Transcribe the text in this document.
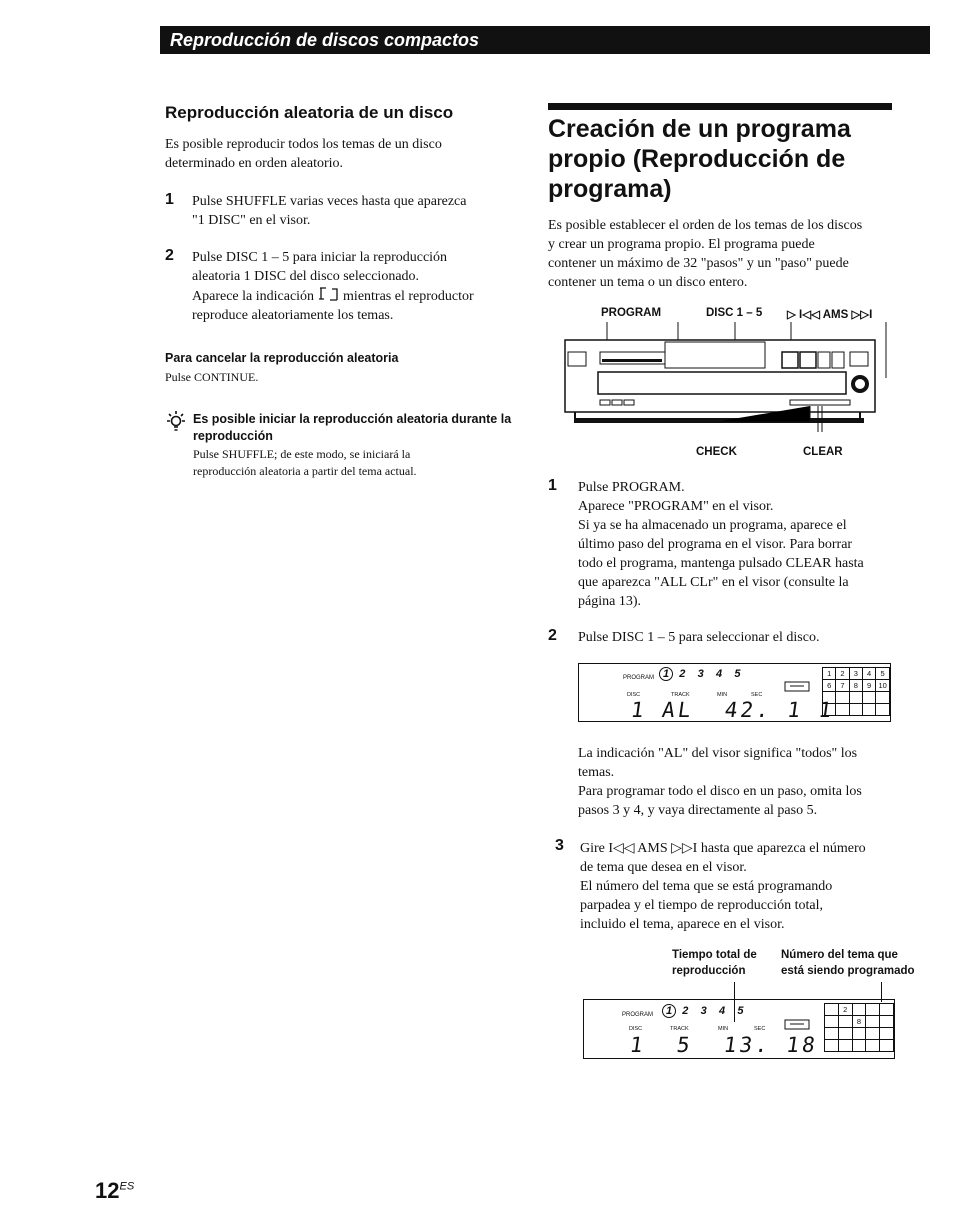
Reproducción de discos compactos
Reproducción aleatoria de un disco
Es posible reproducir todos los temas de un disco
determinado en orden aleatorio.
1 Pulse SHUFFLE varias veces hasta que aparezca
"1 DISC" en el visor.
2 Pulse DISC 1 – 5 para iniciar la reproducción
aleatoria 1 DISC del disco seleccionado.
Aparece la indicación mientras el reproductor
reproduce aleatoriamente los temas.
Para cancelar la reproducción aleatoria
Pulse CONTINUE.
Es posible iniciar la reproducción aleatoria durante la
reproducción
Pulse SHUFFLE; de este modo, se iniciará la
reproducción aleatoria a partir del tema actual.
Creación de un programa
propio (Reproducción de
programa)
Es posible establecer el orden de los temas de los discos
y crear un programa propio. El programa puede
contener un máximo de 32 "pasos" y un "paso" puede
contener un tema o un disco entero.
PROGRAM	DISC 1 – 5 ▷ I◁◁ AMS ▷▷I
CHECK	CLEAR
1 Pulse PROGRAM.
Aparece "PROGRAM" en el visor.
Si ya se ha almacenado un programa, aparece el
último paso del programa en el visor. Para borrar
todo el programa, mantenga pulsado CLEAR hasta
que aparezca "ALL CLr" en el visor (consulte la
página 13).
2 Pulse DISC 1 – 5 para seleccionar el disco.
PROGRAM 1 2 3 4 5
DISC	TRACK	MIN	SEC
1 AL  42. 1 1
1	2	3	4	5
6	7	8	9	10

La indicación "AL" del visor significa "todos" los
temas.
Para programar todo el disco en un paso, omita los
pasos 3 y 4, y vaya directamente al paso 5.
3 Gire I◁◁ AMS ▷▷I hasta que aparezca el número
de tema que desea en el visor.
El número del tema que se está programando
parpadea y el tiempo de reproducción total,
incluido el tema, aparece en el visor.
Tiempo total de
reproducción
Número del tema que
está siendo programado
PROGRAM	1 2 3 4 5
DISC	TRACK	MIN	SEC
1  5  13. 18
	2			
		8		

$12^{ES}$
